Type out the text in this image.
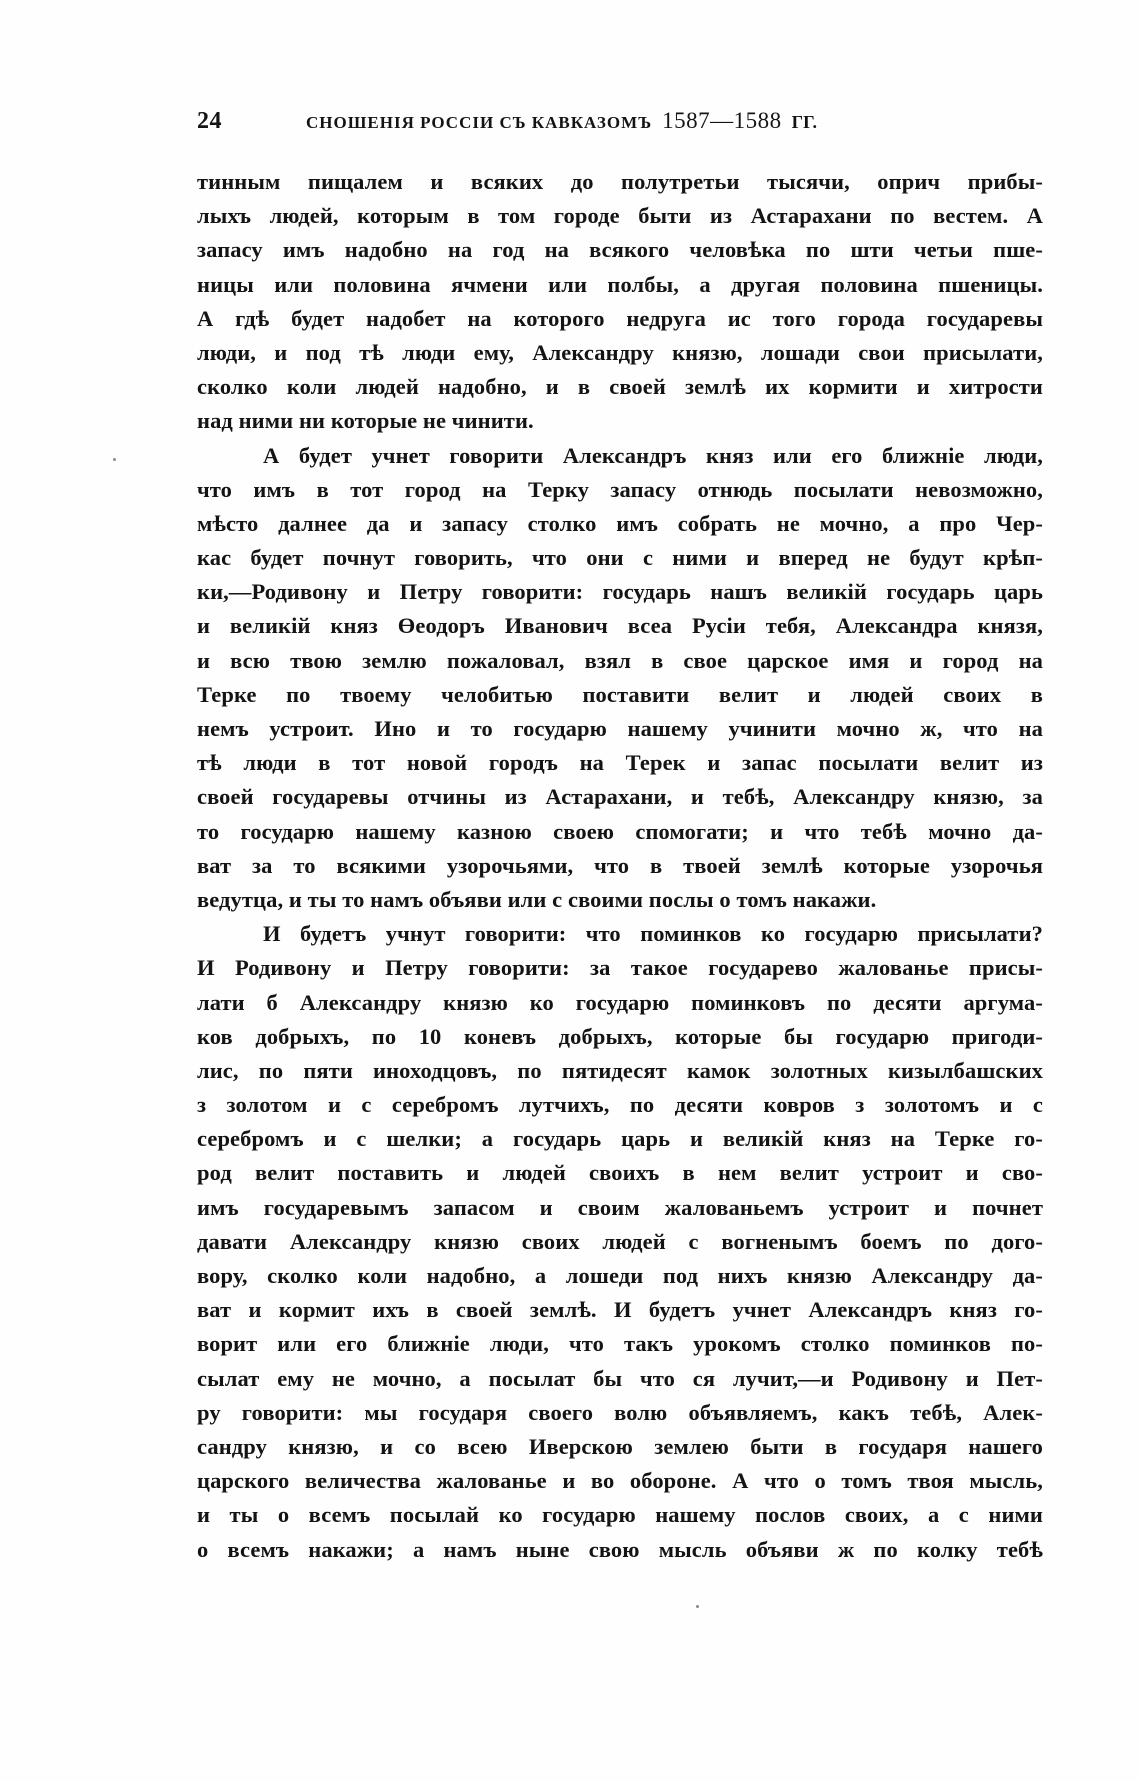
24	СНОШЕНІЯ РОССІИ СЪ КАВКАЗОМЪ 1587—1588 ГГ.
тинным пищалем и всяких до полутретьи тысячи, оприч прибы-
лыхъ людей, которым в том городе быти из Астарахани по вестем. А
запасу имъ надобно на год на всякого человѣка по шти четьи пше-
ницы или половина ячмени или полбы, а другая половина пшеницы.
А гдѣ будет надобет на которого недруга ис того города государевы
люди, и под тѣ люди ему, Александру князю, лошади свои присылати,
сколко коли людей надобно, и в своей землѣ их кормити и хитрости
над ними ни которые не чинити.
А будет учнет говорити Александръ княз или его ближніе люди,
что имъ в тот город на Терку запасу отнюдь посылати невозможно,
мѣсто далнее да и запасу столко имъ собрать не мочно, а про Чер-
кас будет почнут говорить, что они с ними и вперед не будут крѣп-
ки,—Родивону и Петру говорити: государь нашъ великій государь царь
и великій княз Өеодоръ Иванович всеа Русіи тебя, Александра князя,
и всю твою землю пожаловал, взял в свое царское имя и город на
Терке по твоему челобитью поставити велит и людей своих в
немъ устроит. Ино и то государю нашему учинити мочно ж, что на
тѣ люди в тот новой городъ на Терек и запас посылати велит из
своей государевы отчины из Астарахани, и тебѣ, Александру князю, за
то государю нашему казною своею спомогати; и что тебѣ мочно да-
ват за то всякими узорочьями, что в твоей землѣ которые узорочья
ведутца, и ты то намъ объяви или с своими послы о томъ накажи.
И будетъ учнут говорити: что поминков ко государю присылати?
И Родивону и Петру говорити: за такое государево жалованье присы-
лати б Александру князю ко государю поминковъ по десяти аргума-
ков добрыхъ, по 10 коневъ добрыхъ, которые бы государю пригоди-
лис, по пяти иноходцовъ, по пятидесят камок золотных кизылбашских
з золотом и с серебромъ лутчихъ, по десяти ковров з золотомъ и с
серебромъ и с шелки; а государь царь и великій княз на Терке го-
род велит поставить и людей своихъ в нем велит устроит и сво-
имъ государевымъ запасом и своим жалованьемъ устроит и почнет
давати Александру князю своих людей с вогненымъ боемъ по дого-
вору, сколко коли надобно, а лошеди под нихъ князю Александру да-
ват и кормит ихъ в своей землѣ. И будетъ учнет Александръ княз го-
ворит или его ближніе люди, что такъ урокомъ столко поминков по-
сылат ему не мочно, а посылат бы что ся лучит,—и Родивону и Пет-
ру говорити: мы государя своего волю объявляемъ, какъ тебѣ, Алек-
сандру князю, и со всею Иверскою землею быти в государя нашего
царского величества жалованье и во обороне. А что о томъ твоя мысль,
и ты о всемъ посылай ко государю нашему послов своих, а с ними
о всемъ накажи; а намъ ныне свою мысль объяви ж по колку тебѣ
